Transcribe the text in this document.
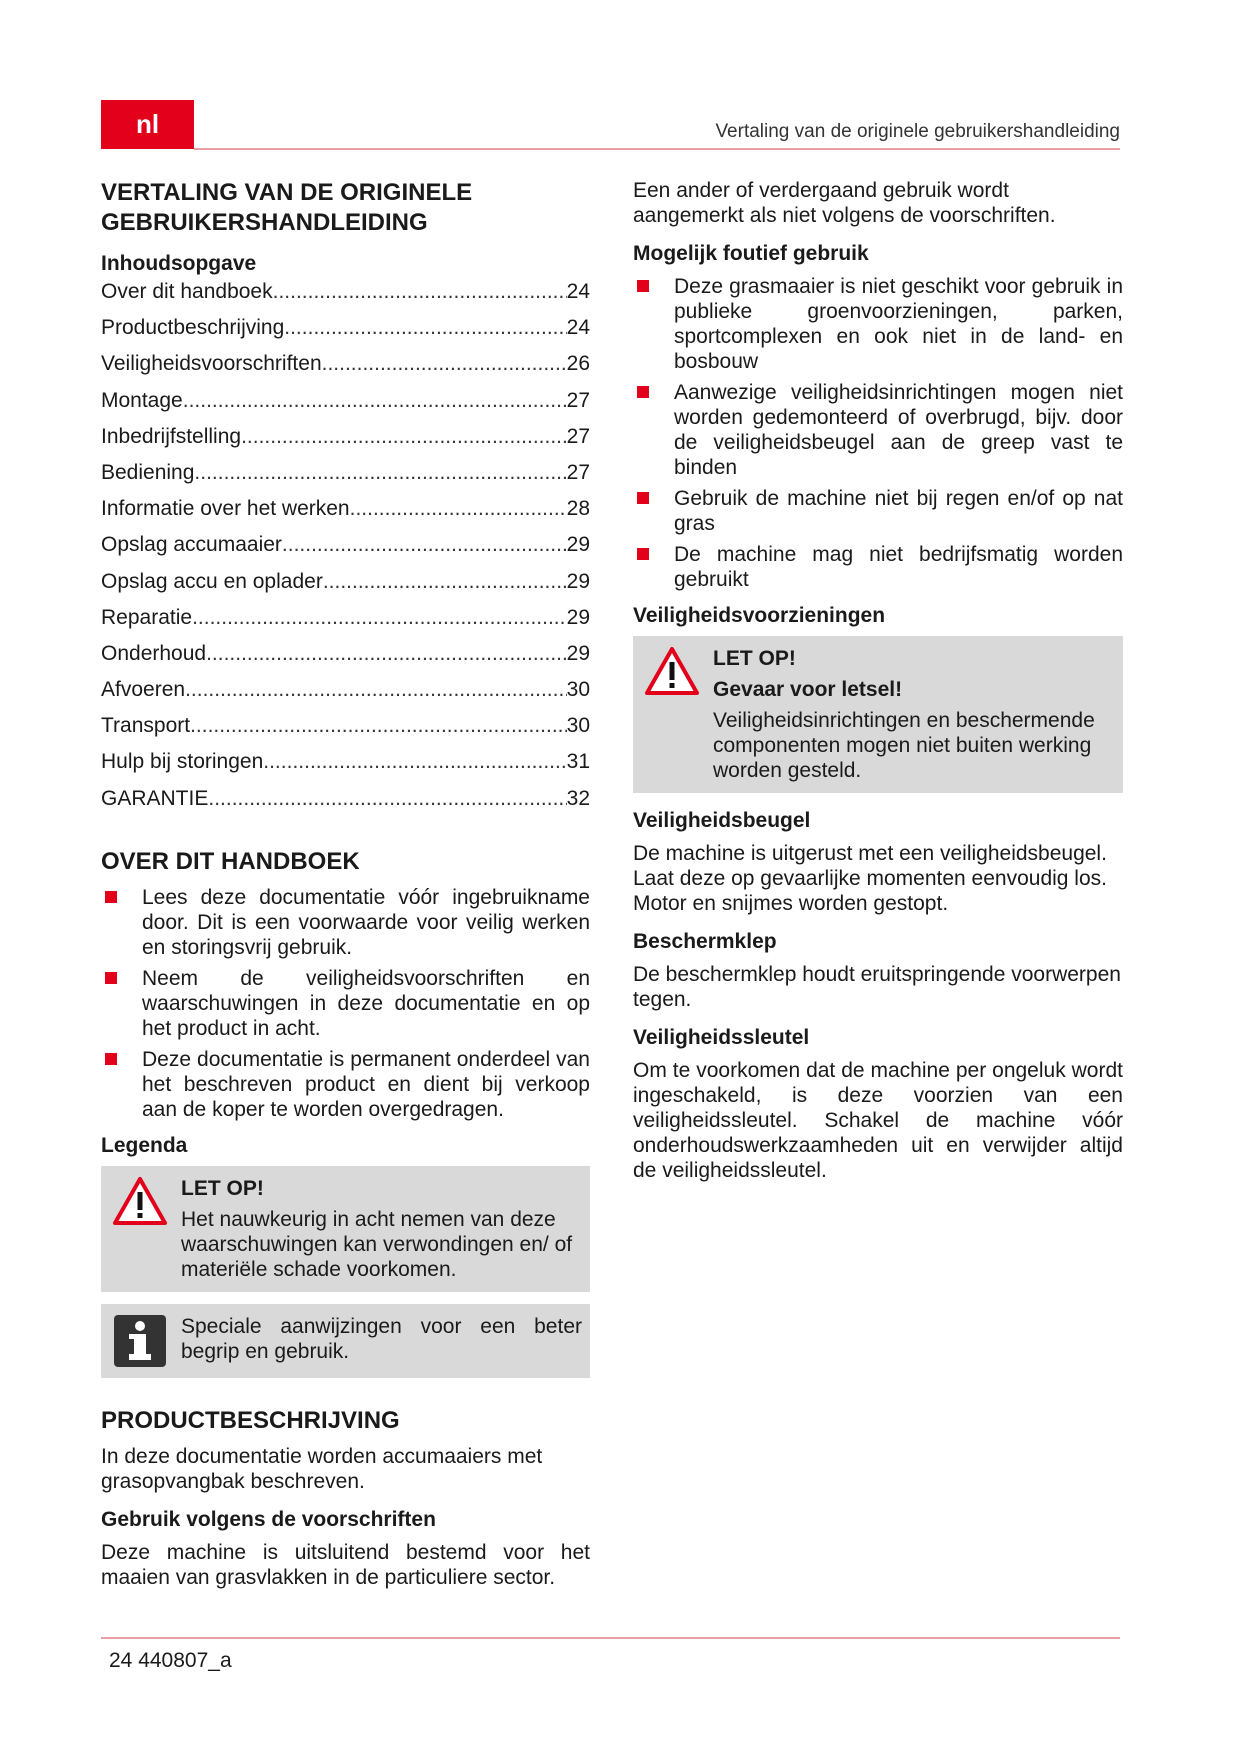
nl	Vertaling van de originele gebruikershandleiding
VERTALING VAN DE ORIGINELE GEBRUIKERSHANDLEIDING
Inhoudsopgave
Over dit handboek .....	24
Productbeschrijving .....	24
Veiligheidsvoorschriften .....	26
Montage .....	27
Inbedrijfstelling .....	27
Bediening .....	27
Informatie over het werken .....	28
Opslag accumaaier .....	29
Opslag accu en oplader .....	29
Reparatie .....	29
Onderhoud .....	29
Afvoeren .....	30
Transport .....	30
Hulp bij storingen .....	31
GARANTIE .....	32
OVER DIT HANDBOEK
Lees deze documentatie vóór ingebruikname door. Dit is een voorwaarde voor veilig werken en storingsvrij gebruik.
Neem de veiligheidsvoorschriften en waarschuwingen in deze documentatie en op het product in acht.
Deze documentatie is permanent onderdeel van het beschreven product en dient bij verkoop aan de koper te worden overgedragen.
Legenda
LET OP!
Het nauwkeurig in acht nemen van deze waarschuwingen kan verwondingen en/ of materiële schade voorkomen.
Speciale aanwijzingen voor een beter begrip en gebruik.
PRODUCTBESCHRIJVING

In deze documentatie worden accumaaiers met grasopvangbak beschreven.

Gebruik volgens de voorschriften

Deze machine is uitsluitend bestemd voor het maaien van grasvlakken in de particuliere sector.

Een ander of verdergaand gebruik wordt aangemerkt als niet volgens de voorschriften.

Mogelijk foutief gebruik
Deze grasmaaier is niet geschikt voor gebruik in publieke groenvoorzieningen, parken, sportcomplexen en ook niet in de land- en bosbouw
Aanwezige veiligheidsinrichtingen mogen niet worden gedemonteerd of overbrugd, bijv. door de veiligheidsbeugel aan de greep vast te binden
Gebruik de machine niet bij regen en/of op nat gras
De machine mag niet bedrijfsmatig worden gebruikt
Veiligheidsvoorzieningen
LET OP!
Gevaar voor letsel!
Veiligheidsinrichtingen en beschermende componenten mogen niet buiten werking worden gesteld.
Veiligheidsbeugel

De machine is uitgerust met een veiligheidsbeugel. Laat deze op gevaarlijke momenten eenvoudig los. Motor en snijmes worden gestopt.

Beschermklep

De beschermklep houdt eruitspringende voorwerpen tegen.

Veiligheidssleutel

Om te voorkomen dat de machine per ongeluk wordt ingeschakeld, is deze voorzien van een veiligheidssleutel. Schakel de machine vóór onderhoudswerkzaamheden uit en verwijder altijd de veiligheidssleutel.

24 440807_a
